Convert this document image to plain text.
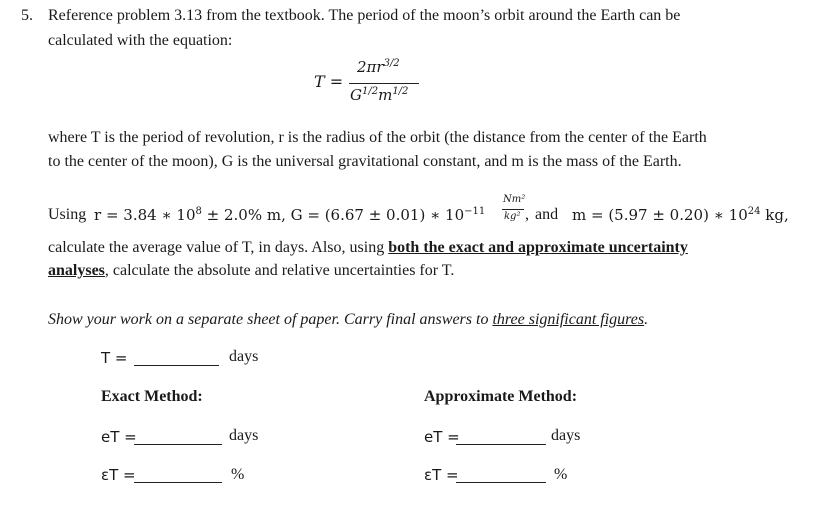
5. Reference problem 3.13 from the textbook. The period of the moon’s orbit around the Earth can be
calculated with the equation:
T =
$2\pi r^{3/2}$
$G^{1/2}m^{1/2}$
where T is the period of revolution, r is the radius of the orbit (the distance from the center of the Earth
to the center of the moon), G is the universal gravitational constant, and m is the mass of the Earth.
Using r = 3.84 ∗ $10^8 \pm 2.0\%$ m, G = (6.67 ± 0.01) ∗ $10^{-11}$
Nm²
kg² , and m = (5.97 ± 0.20) ∗ $10^{24}$ kg,
calculate the average value of T, in days. Also, using both the exact and approximate uncertainty
analyses, calculate the absolute and relative uncertainties for T.
Show your work on a separate sheet of paper. Carry final answers to three significant figures.
T =	days
Exact Method:	Approximate Method:
eT =	days	eT =	days
εT =	%	εT =	%
